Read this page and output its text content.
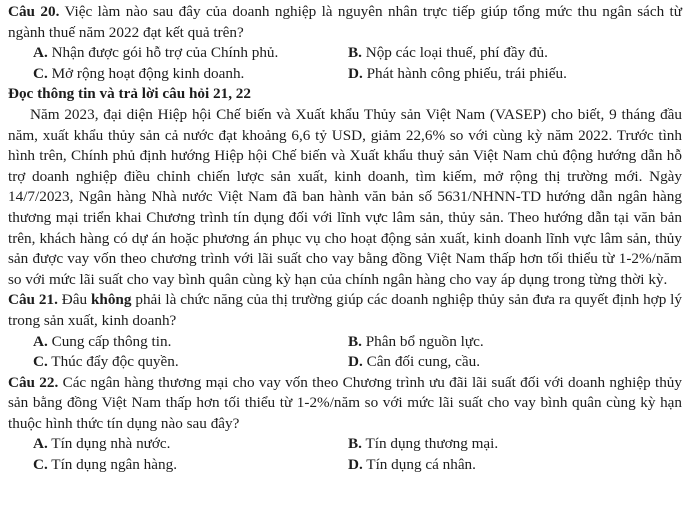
Câu 20. Việc làm nào sau đây của doanh nghiệp là nguyên nhân trực tiếp giúp tổng mức thu ngân sách từ ngành thuế năm 2022 đạt kết quả trên?

A. Nhận được gói hỗ trợ của Chính phủ.	B. Nộp các loại thuế, phí đầy đủ.
C. Mở rộng hoạt động kinh doanh.	D. Phát hành công phiếu, trái phiếu.

Đọc thông tin và trả lời câu hỏi 21, 22

Năm 2023, đại diện Hiệp hội Chế biến và Xuất khẩu Thủy sản Việt Nam (VASEP) cho biết, 9 tháng đầu năm, xuất khẩu thủy sản cả nước đạt khoảng 6,6 tỷ USD, giảm 22,6% so với cùng kỳ năm 2022. Trước tình hình trên, Chính phủ định hướng Hiệp hội Chế biến và Xuất khẩu thuỷ sản Việt Nam chủ động hướng dẫn hỗ trợ doanh nghiệp điều chỉnh chiến lược sản xuất, kinh doanh, tìm kiếm, mở rộng thị trường mới. Ngày 14/7/2023, Ngân hàng Nhà nước Việt Nam đã ban hành văn bản số 5631/NHNN-TD hướng dẫn ngân hàng thương mại triển khai Chương trình tín dụng đối với lĩnh vực lâm sản, thủy sản. Theo hướng dẫn tại văn bản trên, khách hàng có dự án hoặc phương án phục vụ cho hoạt động sản xuất, kinh doanh lĩnh vực lâm sản, thủy sản được vay vốn theo chương trình với lãi suất cho vay bằng đồng Việt Nam thấp hơn tối thiểu từ 1-2%/năm so với mức lãi suất cho vay bình quân cùng kỳ hạn của chính ngân hàng cho vay áp dụng trong từng thời kỳ.

Câu 21. Đâu không phải là chức năng của thị trường giúp các doanh nghiệp thủy sản đưa ra quyết định hợp lý trong sản xuất, kinh doanh?

A. Cung cấp thông tin.	B. Phân bổ nguồn lực.
C. Thúc đẩy độc quyền.	D. Cân đối cung, cầu.

Câu 22. Các ngân hàng thương mại cho vay vốn theo Chương trình ưu đãi lãi suất đối với doanh nghiệp thủy sản bằng đồng Việt Nam thấp hơn tối thiểu từ 1-2%/năm so với mức lãi suất cho vay bình quân cùng kỳ hạn thuộc hình thức tín dụng nào sau đây?

A. Tín dụng nhà nước.	B. Tín dụng thương mại.
C. Tín dụng ngân hàng.	D. Tín dụng cá nhân.
